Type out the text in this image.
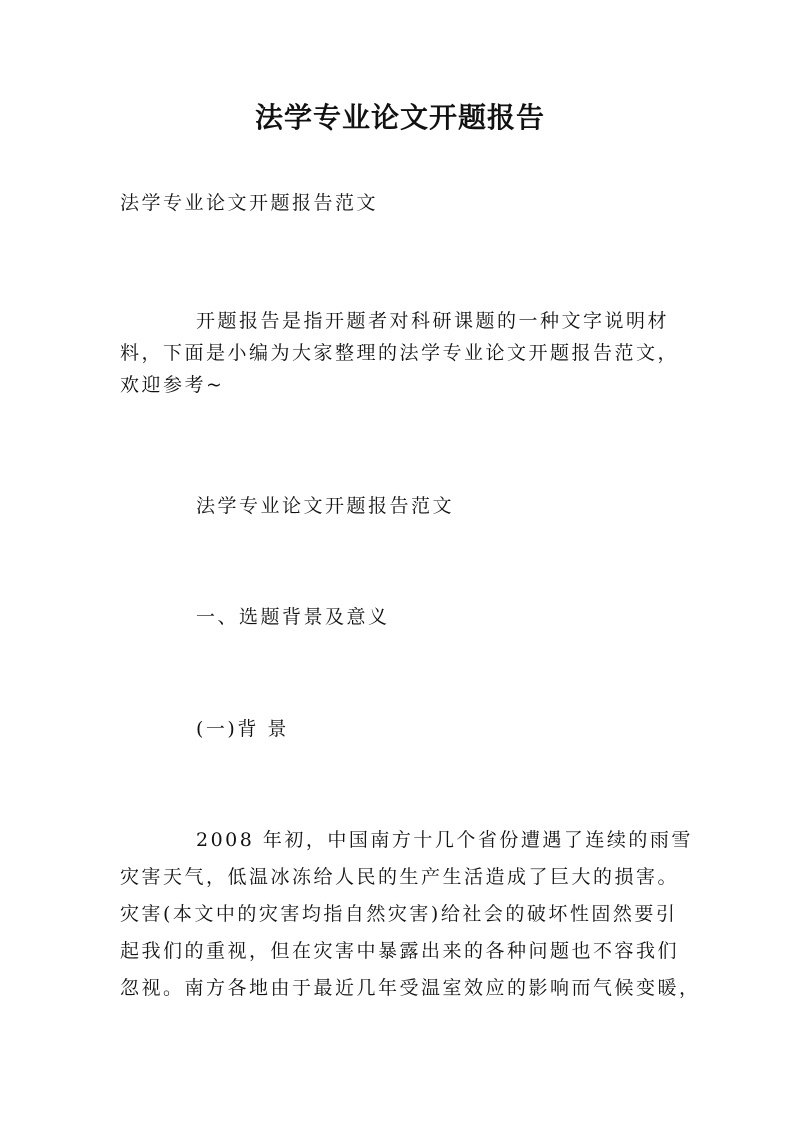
法学专业论文开题报告
法学专业论文开题报告范文
开题报告是指开题者对科研课题的一种文字说明材
料，下面是小编为大家整理的法学专业论文开题报告范文，
欢迎参考~
法学专业论文开题报告范文
一、选题背景及意义
(一)背 景
2008 年初，中国南方十几个省份遭遇了连续的雨雪
灾害天气，低温冰冻给人民的生产生活造成了巨大的损害。
灾害(本文中的灾害均指自然灾害)给社会的破坏性固然要引
起我们的重视，但在灾害中暴露出来的各种问题也不容我们
忽视。南方各地由于最近几年受温室效应的影响而气候变暖，
